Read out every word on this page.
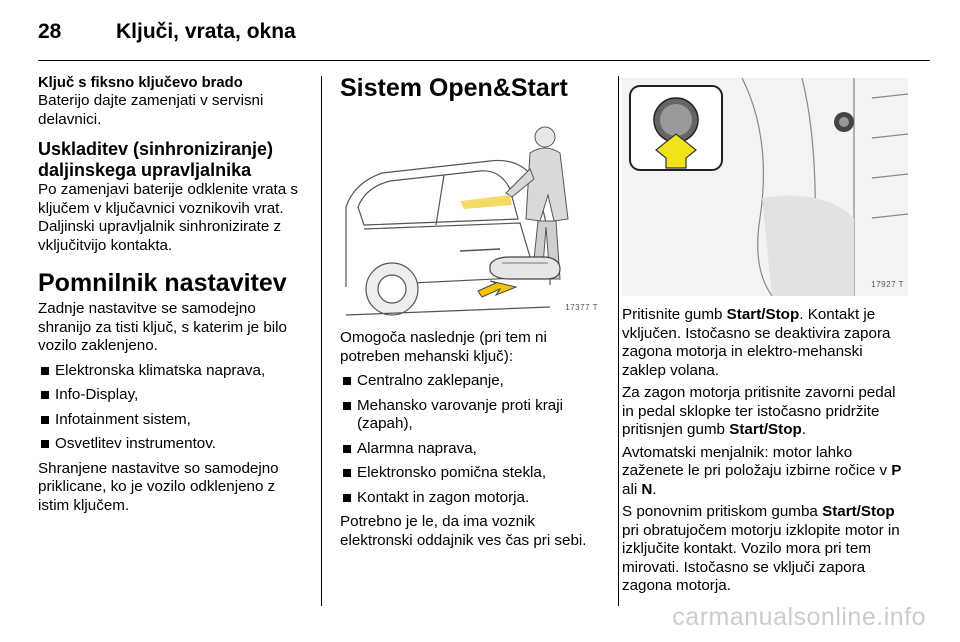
28	Ključi, vrata, okna
Ključ s fiksno ključevo brado

Baterijo dajte zamenjati v servisni delavnici.

Uskladitev (sinhroniziranje) daljinskega upravljalnika

Po zamenjavi baterije odklenite vrata s ključem v ključavnici voznikovih vrat. Daljinski upravljalnik sinhronizirate z vključitvijo kontakta.

Pomnilnik nastavitev

Zadnje nastavitve se samodejno shranijo za tisti ključ, s katerim je bilo vozilo zaklenjeno.

Elektronska klimatska naprava,
Info-Display,
Infotainment sistem,
Osvetlitev instrumentov.

Shranjene nastavitve so samodejno priklicane, ko je vozilo odklenjeno z istim ključem.

Sistem Open&Start
17377 T

Omogoča naslednje (pri tem ni potreben mehanski ključ):

Centralno zaklepanje,
Mehansko varovanje proti kraji (zapah),
Alarmna naprava,
Elektronsko pomična stekla,
Kontakt in zagon motorja.

Potrebno je le, da ima voznik elektronski oddajnik ves čas pri sebi.

17927 T

Pritisnite gumb Start/Stop. Kontakt je vključen. Istočasno se deaktivira zapora zagona motorja in elektro-mehanski zaklep volana.

Za zagon motorja pritisnite zavorni pedal in pedal sklopke ter istočasno pridržite pritisnjen gumb Start/Stop.

Avtomatski menjalnik: motor lahko zaženete le pri položaju izbirne ročice v P ali N.

S ponovnim pritiskom gumba Start/Stop pri obratujočem motorju izklopite motor in izključite kontakt. Vozilo mora pri tem mirovati. Istočasno se vključi zapora zagona motorja.

carmanualsonline.info
